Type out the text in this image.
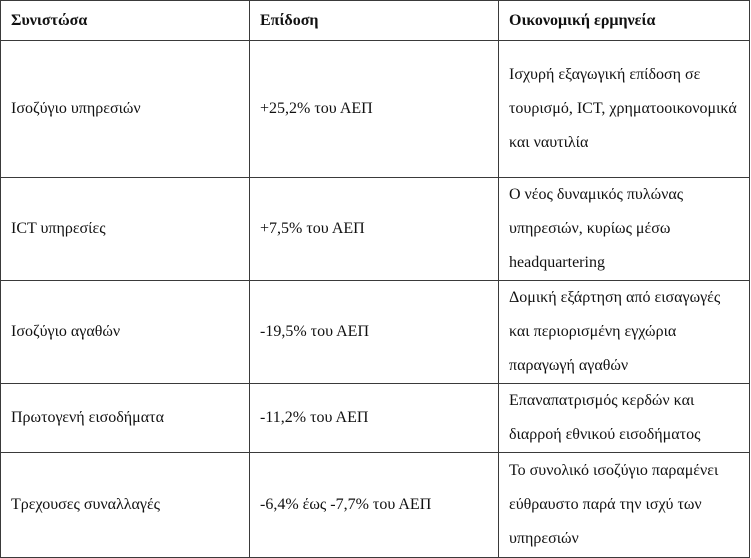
Συνιστώσα	Επίδοση	Οικονομική ερμηνεία
Ισοζύγιο υπηρεσιών	+25,2% του ΑΕΠ	Ισχυρή εξαγωγική επίδοση σε τουρισμό, ICT, χρηματοοικονομικά και ναυτιλία
ICT υπηρεσίες	+7,5% του ΑΕΠ	Ο νέος δυναμικός πυλώνας υπηρεσιών, κυρίως μέσω headquartering
Ισοζύγιο αγαθών	-19,5% του ΑΕΠ	Δομική εξάρτηση από εισαγωγές και περιορισμένη εγχώρια παραγωγή αγαθών
Πρωτογενή εισοδήματα	-11,2% του ΑΕΠ	Επαναπατρισμός κερδών και διαρροή εθνικού εισοδήματος
Τρεχουσες συναλλαγές	-6,4% έως -7,7% του ΑΕΠ	Το συνολικό ισοζύγιο παραμένει εύθραυστο παρά την ισχύ των υπηρεσιών
